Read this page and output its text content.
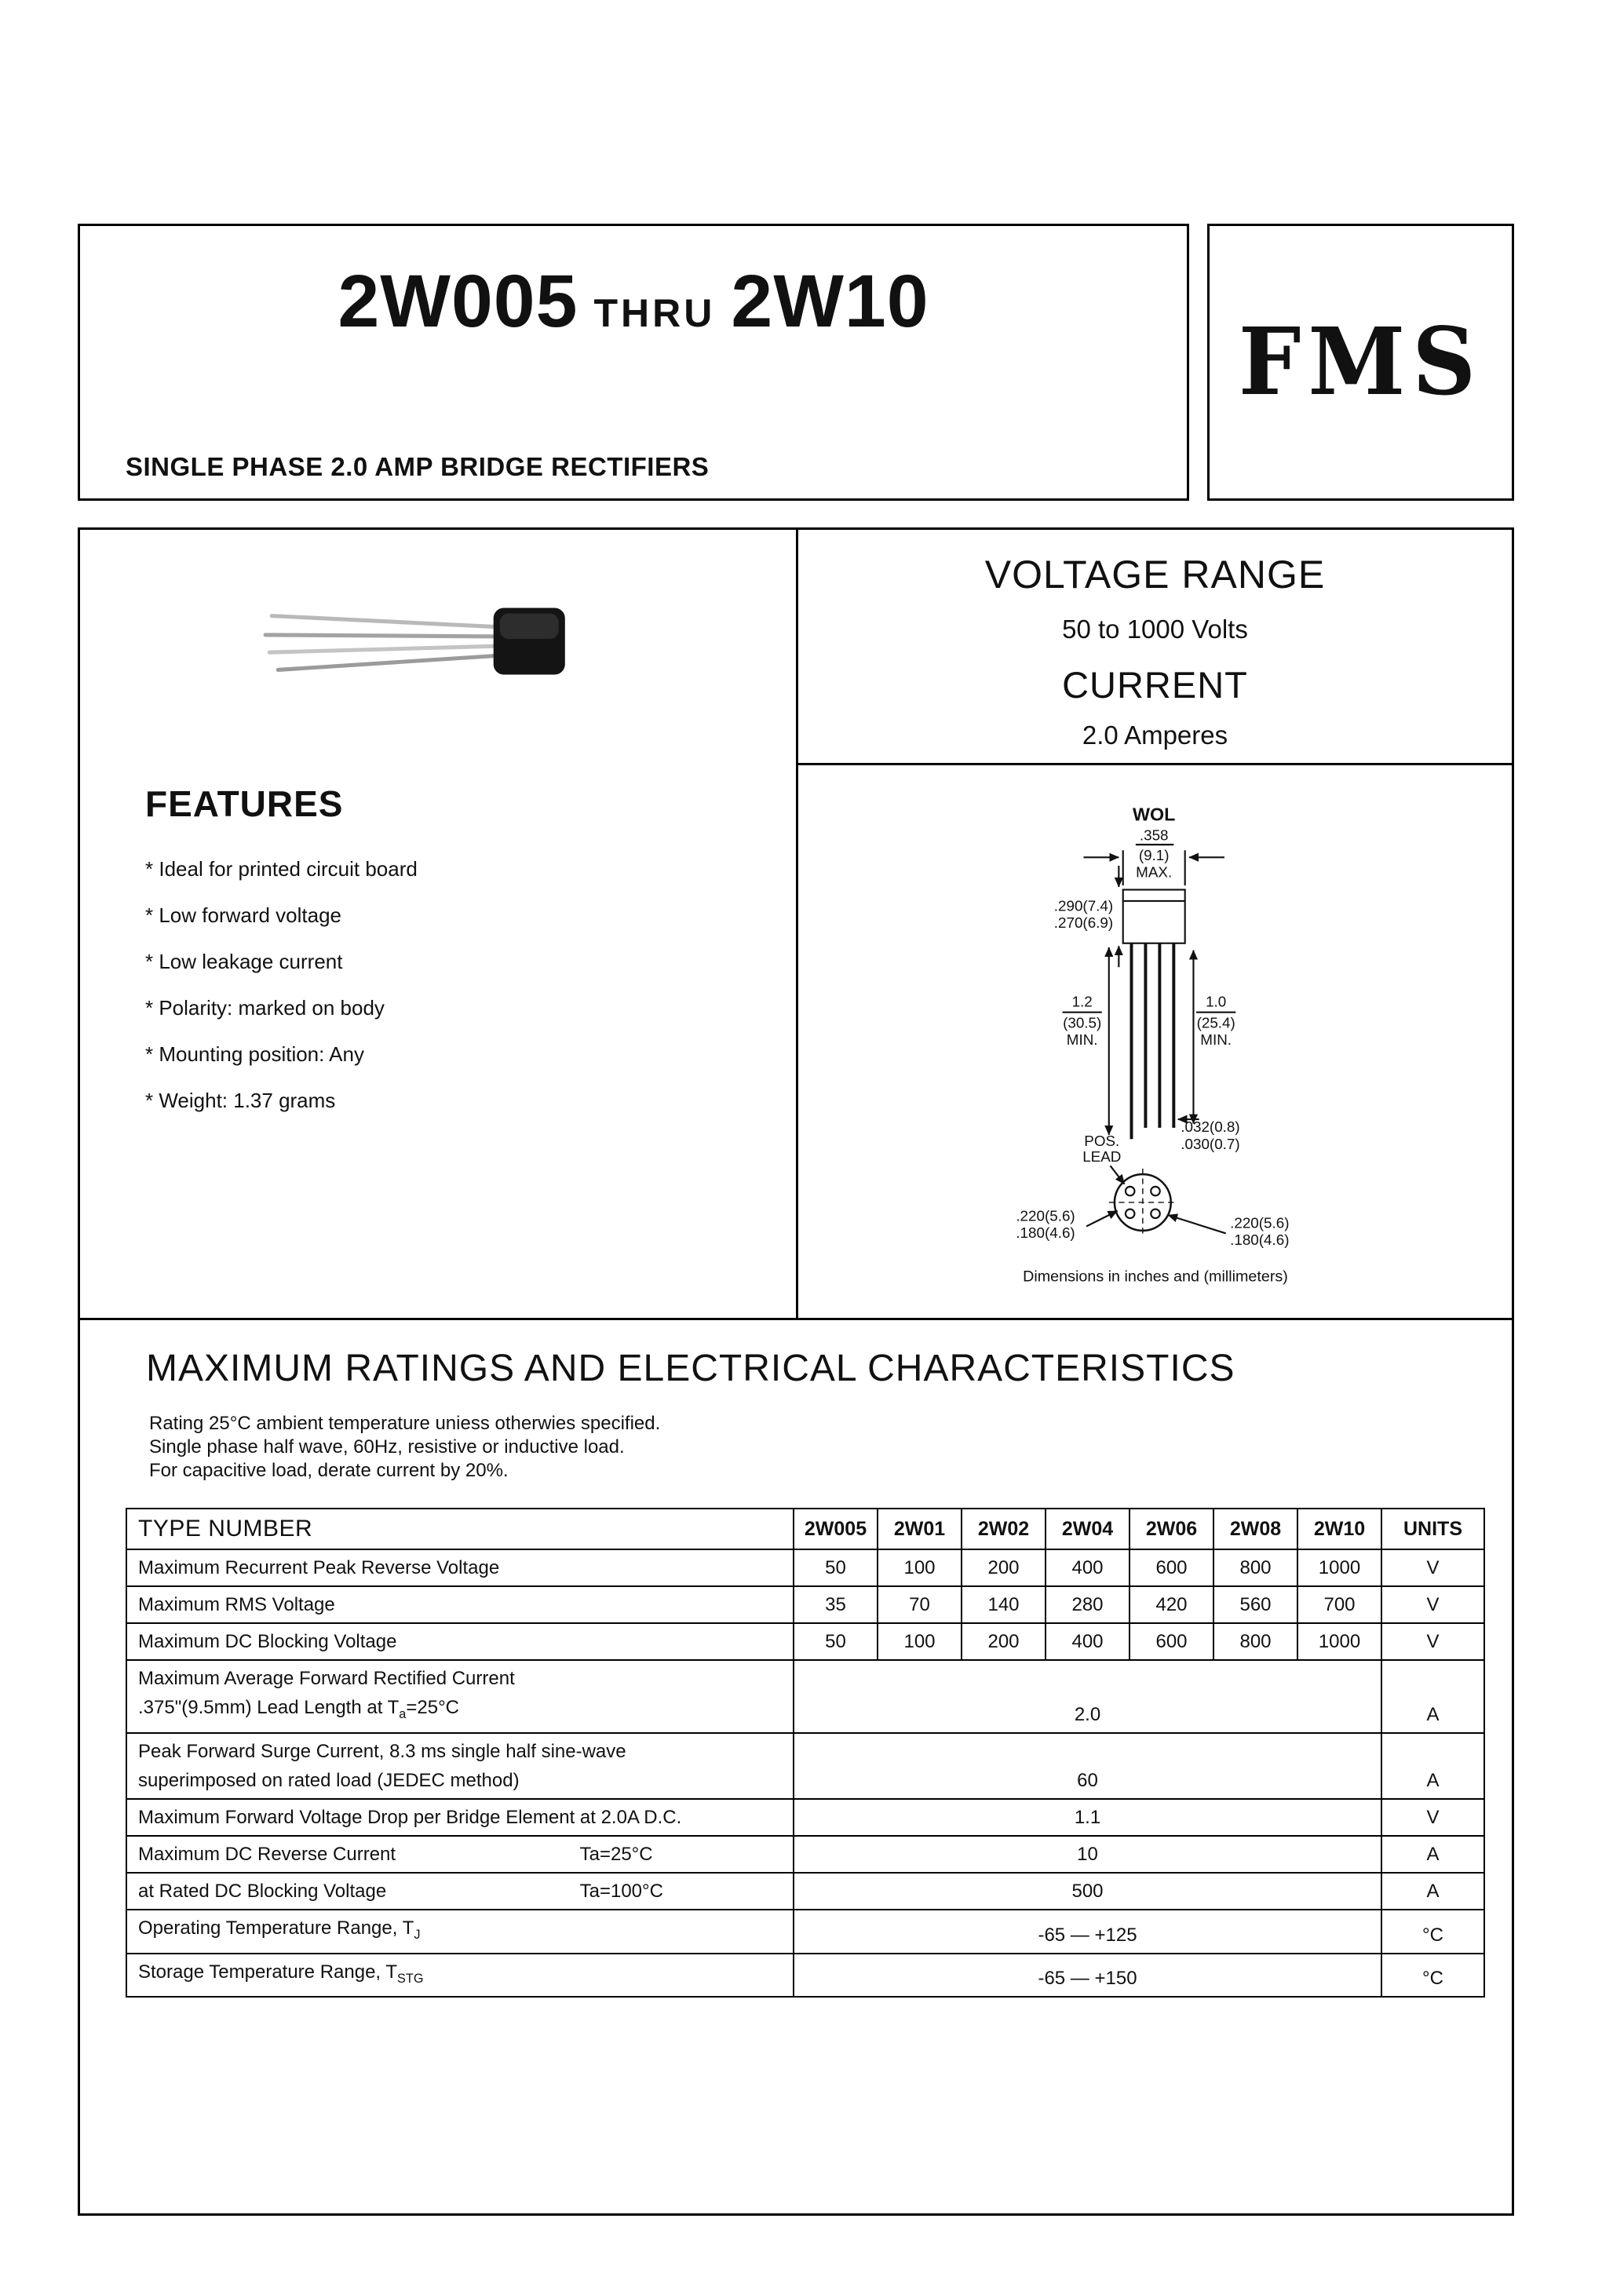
2W005 THRU 2W10
SINGLE PHASE 2.0 AMP BRIDGE RECTIFIERS
FMS
FEATURES
* Ideal for printed circuit board
* Low forward voltage
* Low leakage current
* Polarity: marked on body
* Mounting position: Any
* Weight: 1.37 grams
VOLTAGE RANGE
50 to 1000 Volts
CURRENT
2.0 Amperes
WOL
.358
(9.1)
MAX.
.290(7.4)
.270(6.9)
1.2
(30.5)
MIN.
1.0
(25.4)
MIN.
.032(0.8)
.030(0.7)
POS.
LEAD
.220(5.6)
.180(4.6)
.220(5.6)
.180(4.6)
Dimensions in inches and (millimeters)
MAXIMUM RATINGS AND ELECTRICAL CHARACTERISTICS
Rating 25°C ambient temperature uniess otherwies specified.
Single phase half wave, 60Hz, resistive or inductive load.
For capacitive load, derate current by 20%.
TYPE NUMBER	2W005	2W01	2W02	2W04	2W06	2W08	2W10	UNITS

Maximum Recurrent Peak Reverse Voltage	50	100	200	400	600	800	1000	V

Maximum RMS Voltage	35	70	140	280	420	560	700	V

Maximum DC Blocking Voltage	50	100	200	400	600	800	1000	V

Maximum Average Forward Rectified Current
.375"(9.5mm) Lead Length at $T_a=25^\circ C$	2.0							A

Peak Forward Surge Current, 8.3 ms single half sine-wave
superimposed on rated load (JEDEC method)	60							A

Maximum Forward Voltage Drop per Bridge Element at 2.0A D.C.	1.1							V

Maximum DC Reverse Current Ta=25°C	10							A

at Rated DC Blocking Voltage Ta=100°C	500							A

Operating Temperature Range, $T_J$	-65 — +125							°C

Storage Temperature Range, $T_{STG}$	-65 — +150							°C
